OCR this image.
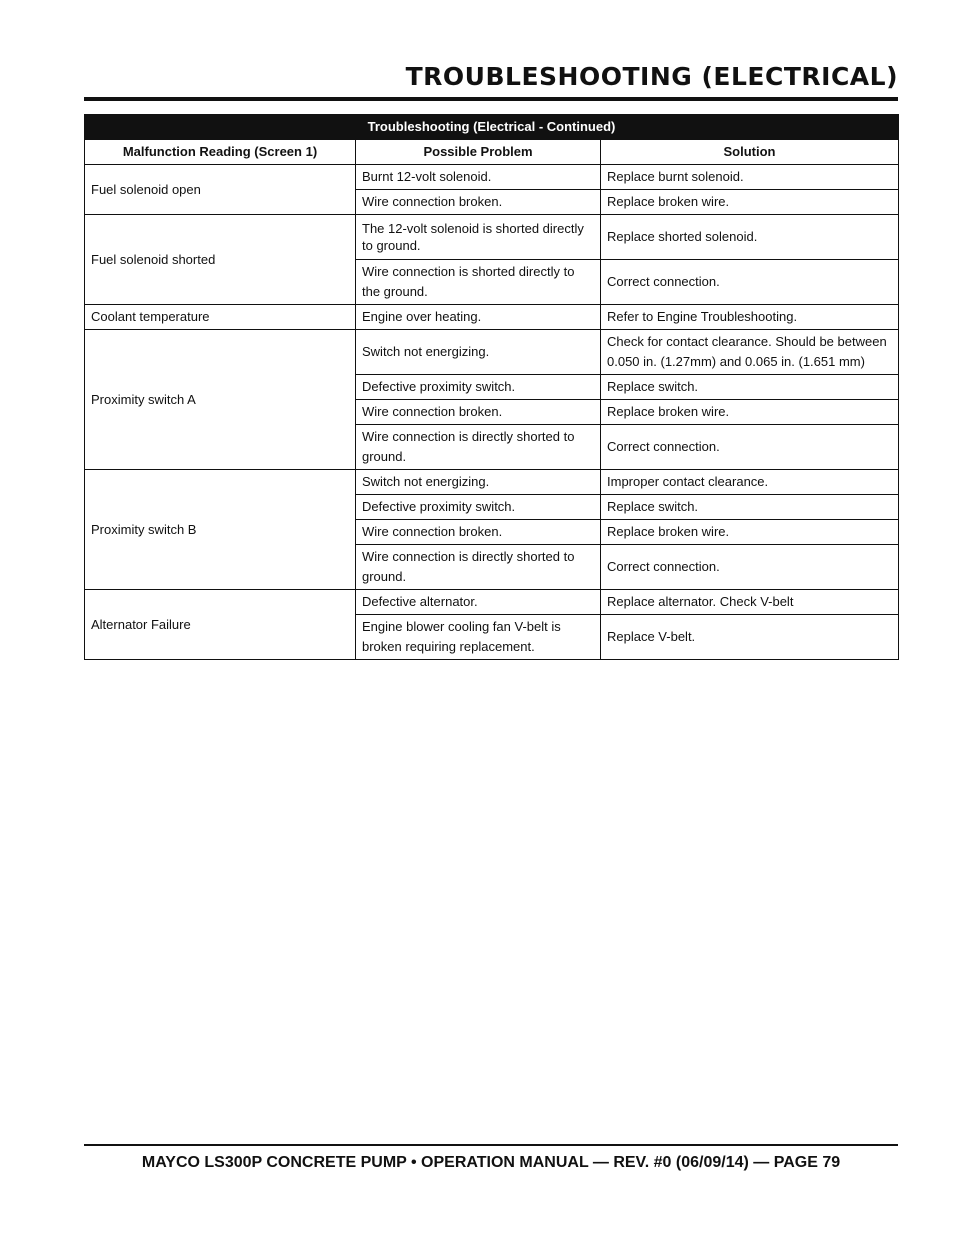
TROUBLESHOOTING (ELECTRICAL)
Troubleshooting (Electrical - Continued)		
Malfunction Reading (Screen 1)	Possible Problem	Solution
Fuel solenoid open	Burnt 12-volt solenoid.	Replace burnt solenoid.
	Wire connection broken.	Replace broken wire.
Fuel solenoid shorted	The 12-volt solenoid is shorted directly to ground.	Replace shorted solenoid.
	Wire connection is shorted directly to the ground.	Correct connection.
Coolant temperature	Engine over heating.	Refer to Engine Troubleshooting.
Proximity switch A	Switch not energizing.	Check for contact clearance. Should be between 0.050 in. (1.27mm) and 0.065 in. (1.651 mm)
	Defective proximity switch.	Replace switch.
	Wire connection broken.	Replace broken wire.
	Wire connection is directly shorted to ground.	Correct connection.
Proximity switch B	Switch not energizing.	Improper contact clearance.
	Defective proximity switch.	Replace switch.
	Wire connection broken.	Replace broken wire.
	Wire connection is directly shorted to ground.	Correct connection.
Alternator Failure	Defective alternator.	Replace alternator. Check V-belt
	Engine blower cooling fan V-belt is broken requiring replacement.	Replace V-belt.
MAYCO LS300P CONCRETE PUMP • OPERATION MANUAL — REV. #0 (06/09/14) — PAGE 79
